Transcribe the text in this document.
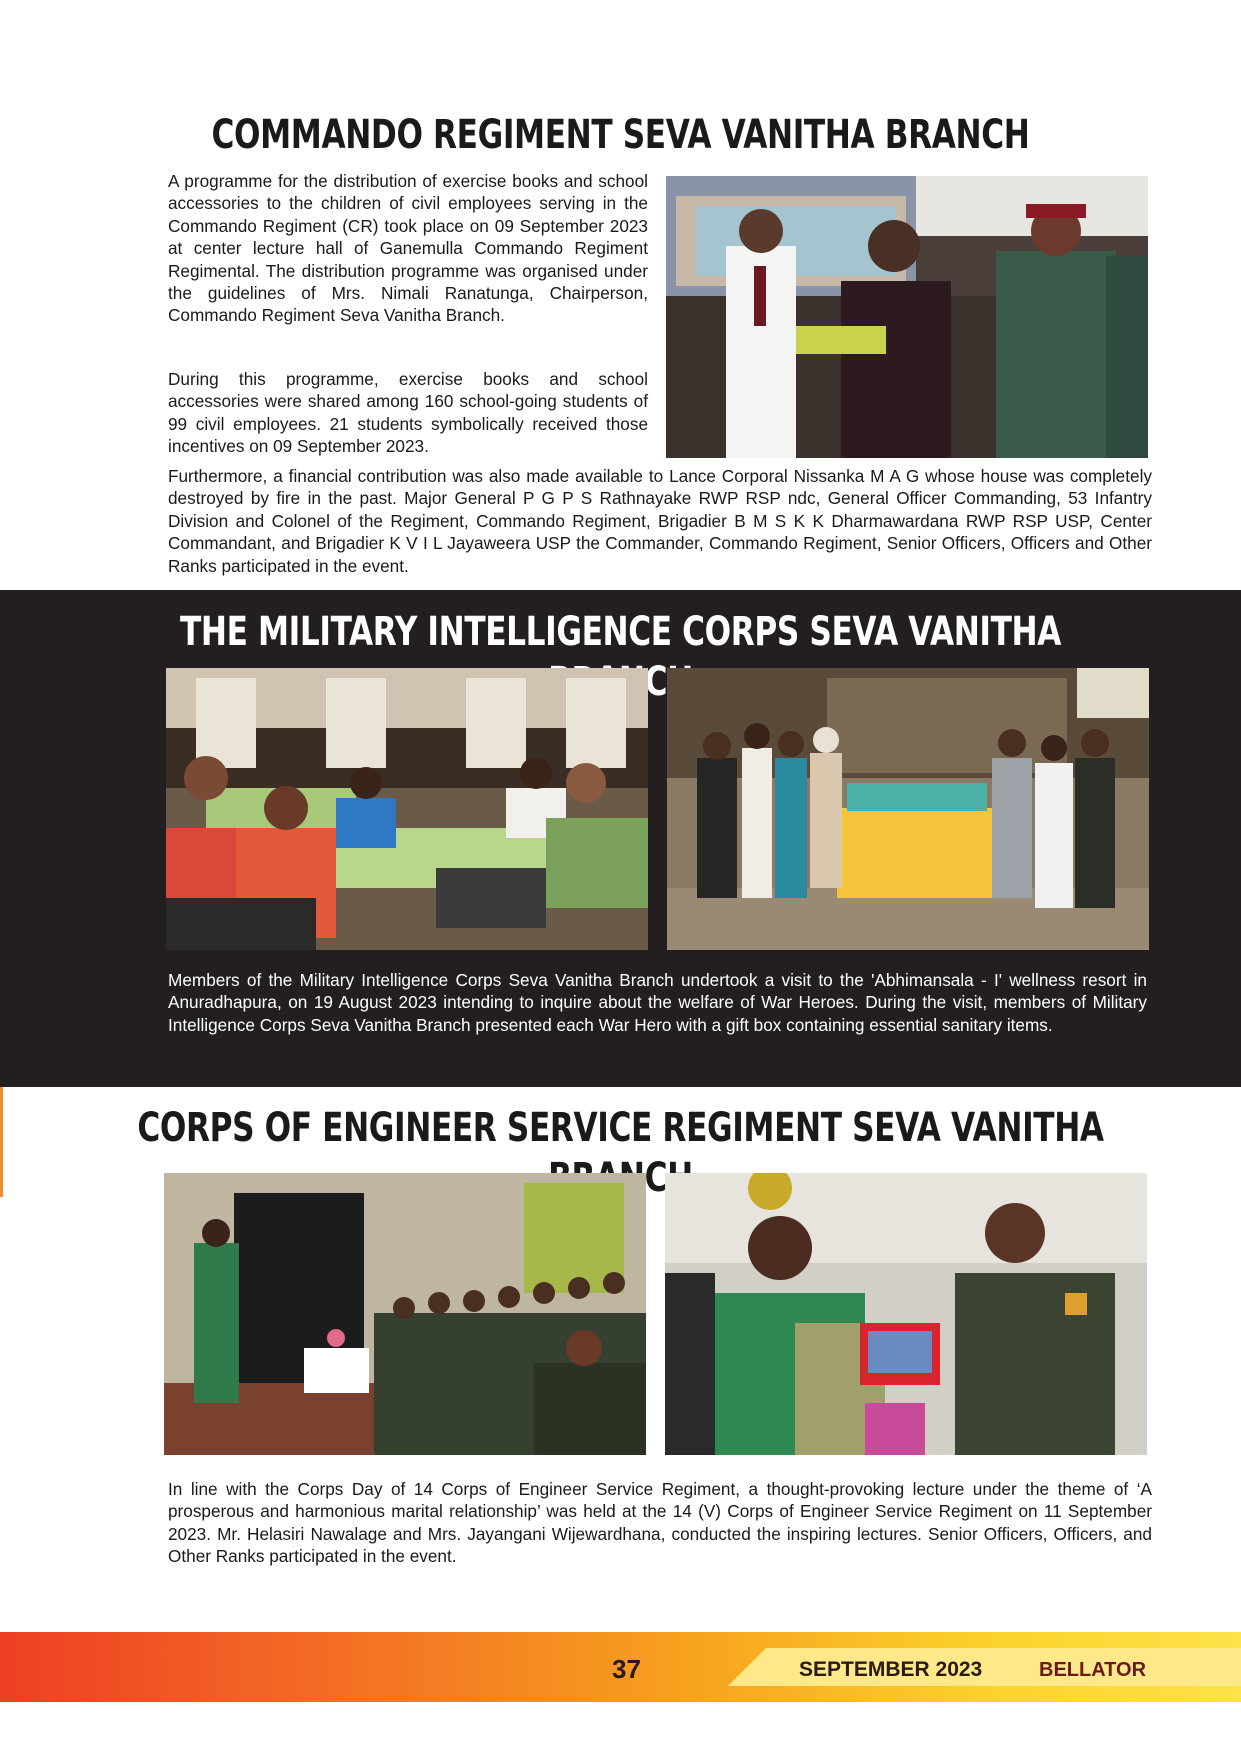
COMMANDO REGIMENT SEVA VANITHA BRANCH

A programme for the distribution of exercise books and school accessories to the children of civil employees serving in the Commando Regiment (CR) took place on 09 September 2023 at center lecture hall of Ganemulla Commando Regiment Regimental. The distribution programme was organised under the guidelines of Mrs. Nimali Ranatunga, Chairperson, Commando Regiment Seva Vanitha Branch.

During this programme, exercise books and school accessories were shared among 160 school-going students of 99 civil employees. 21 students symbolically received those incentives on 09 September 2023.

Furthermore, a financial contribution was also made available to Lance Corporal Nissanka M A G whose house was completely destroyed by fire in the past. Major General P G P S Rathnayake RWP RSP ndc, General Officer Commanding, 53 Infantry Division and Colonel of the Regiment, Commando Regiment, Brigadier B M S K K Dharmawardana RWP RSP USP, Center Commandant, and Brigadier K V I L Jayaweera USP the Commander, Commando Regiment, Senior Officers, Officers and Other Ranks participated in the event.

THE MILITARY INTELLIGENCE CORPS SEVA VANITHA

Members of the Military Intelligence Corps Seva Vanitha Branch undertook a visit to the 'Abhimansala - I' wellness resort in Anuradhapura, on 19 August 2023 intending to inquire about the welfare of War Heroes. During the visit, members of Military Intelligence Corps Seva Vanitha Branch presented each War Hero with a gift box containing essential sanitary items.

CORPS OF ENGINEER SERVICE REGIMENT SEVA VANITHA

In line with the Corps Day of 14 Corps of Engineer Service Regiment, a thought-provoking lecture under the theme of ‘A prosperous and harmonious marital relationship’ was held at the 14 (V) Corps of Engineer Service Regiment on 11 September 2023. Mr. Helasiri Nawalage and Mrs. Jayangani Wijewardhana, conducted the inspiring lectures. Senior Officers, Officers, and Other Ranks participated in the event.

37	SEPTEMBER 2023	BELLATOR
